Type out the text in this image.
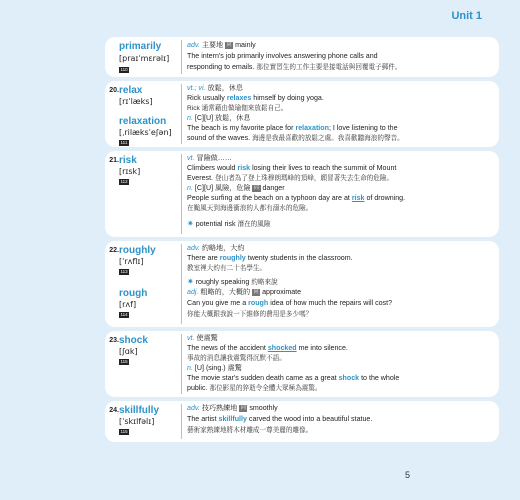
Unit 1
primarily
[praɪˈmɛrəlɪ]
110
adv. 主要地 同 mainly
The intern's job primarily involves answering phone calls and
responding to emails. 那位實習生的工作主要是接電話與回覆電子郵件。
20. relax
[rɪˈlæks]
relaxation
[ˌrilæksˈeʃən]
111
vt.; vi. 放鬆，休息
Rick usually relaxes himself by doing yoga.
Rick 通常藉由做瑜伽來放鬆自己。
n. [C][U] 放鬆，休息
The beach is my favorite place for relaxation; I love listening to the
sound of the waves. 海邊是我最喜歡的放鬆之處。我喜歡聽海浪的聲音。
21. risk
[rɪsk]
112
vt. 冒險做……
Climbers would risk losing their lives to reach the summit of Mount
Everest. 登山者為了登上珠穆朗瑪峰的頂峰，願冒著失去生命的危險。
n. [C][U] 風險，危險 同 danger
People surfing at the beach on a typhoon day are at risk of drowning.
在颱風天到海邊衝浪的人都有溺水的危險。
✷ potential risk 潛在的風險
22. roughly
[ˈrʌflɪ]
113
rough
[rʌf]
114
adv. 約略地，大約
There are roughly twenty students in the classroom.
教室裡大約有二十名學生。
✷ roughly speaking 約略來說
adj. 粗略的，大概的 同 approximate
Can you give me a rough idea of how much the repairs will cost?
你能大概跟我說一下維修的費用是多少嗎？
23. shock
[ʃɑk]
115
vt. 使震驚
The news of the accident shocked me into silence.
事故的消息讓我震驚得沉默不語。
n. [U] (sing.) 震驚
The movie star's sudden death came as a great shock to the whole
public. 那位影星的猝逝令全體大眾極為震驚。
24. skillfully
[ˈskɪlfəlɪ]
115
adv. 技巧熟練地 同 smoothly
The artist skillfully carved the wood into a beautiful statue.
藝術家熟練地將木材雕成一尊美麗的雕像。
5
